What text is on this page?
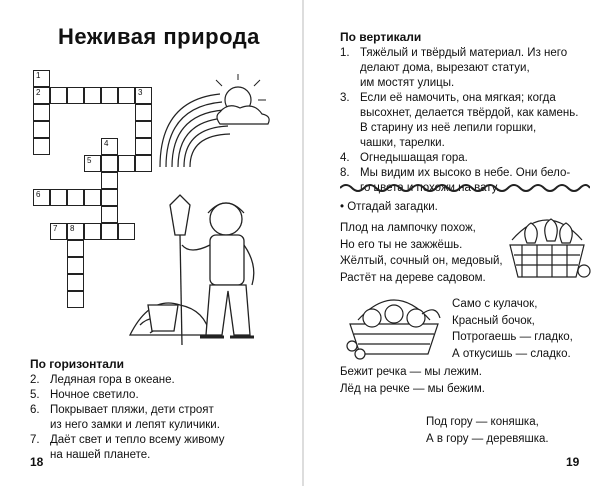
Неживая природа
1
2	3
4
5
6
7 8
По горизонтали
2. Ледяная гора в океане.
5. Ночное светило.
6. Покрывает пляжи, дети строят
из него замки и лепят куличики.
7. Даёт свет и тепло всему живому
на нашей планете.
18
По вертикали
1. Тяжёлый и твёрдый материал. Из него
делают дома, вырезают статуи,
им мостят улицы.
3. Если её намочить, она мягкая; когда
высохнет, делается твёрдой, как камень.
В старину из неё лепили горшки,
чашки, тарелки.
4. Огнедышащая гора.
8. Мы видим их высоко в небе. Они бело-
го цвета и похожи на вату.
• Отгадай загадки.
Плод на лампочку похож,
Но его ты не зажжёшь.
Жёлтый, сочный он, медовый,
Растёт на дереве садовом.
Само с кулачок,
Красный бочок,
Потрогаешь — гладко,
А откусишь — сладко.
Бежит речка — мы лежим.
Лёд на речке — мы бежим.
Под гору — коняшка,
А в гору — деревяшка.
19
